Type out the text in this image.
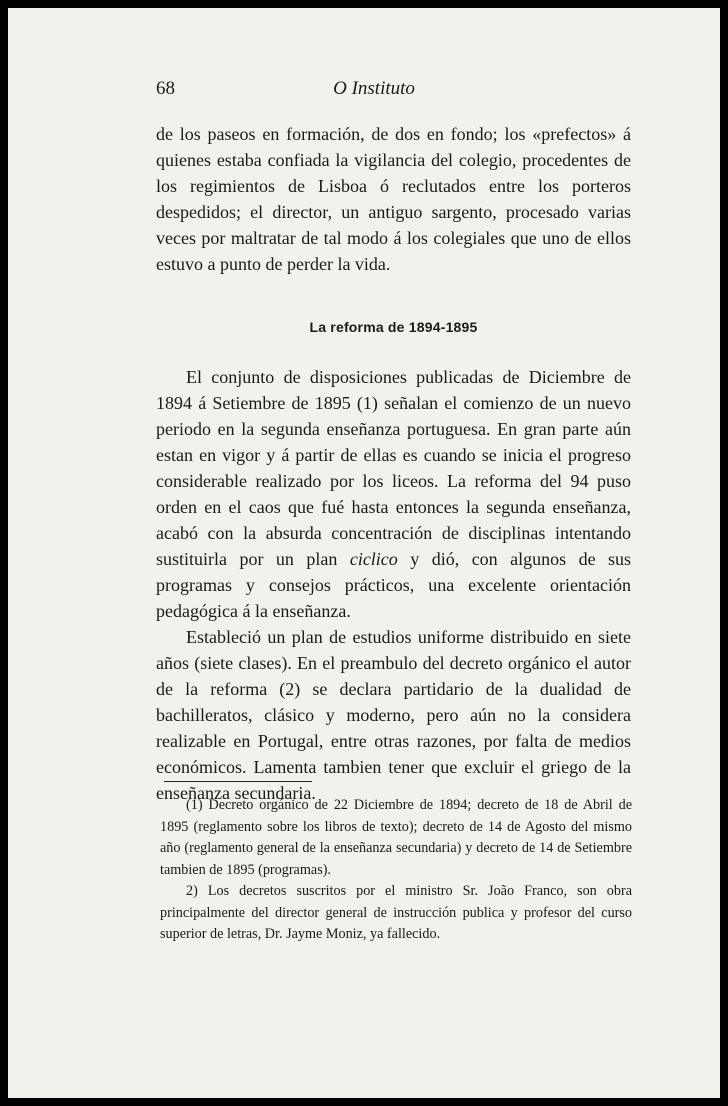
68	O Instituto

de los paseos en formación, de dos en fondo; los «prefectos» á quienes estaba confiada la vigilancia del colegio, procedentes de los regimientos de Lisboa ó reclutados entre los porteros despedidos; el director, un antiguo sargento, procesado varias veces por maltratar de tal modo á los colegiales que uno de ellos estuvo a punto de perder la vida.

La reforma de 1894-1895

El conjunto de disposiciones publicadas de Diciembre de 1894 á Setiembre de 1895 (1) señalan el comienzo de un nuevo periodo en la segunda enseñanza portuguesa. En gran parte aún estan en vigor y á partir de ellas es cuando se inicia el progreso considerable realizado por los liceos. La reforma del 94 puso orden en el caos que fué hasta entonces la segunda enseñanza, acabó con la absurda concentración de disciplinas intentando sustituirla por un plan ciclico y dió, con algunos de sus programas y consejos prácticos, una excelente orientación pedagógica á la enseñanza.

Estableció un plan de estudios uniforme distribuido en siete años (siete clases). En el preambulo del decreto orgánico el autor de la reforma (2) se declara partidario de la dualidad de bachilleratos, clásico y moderno, pero aún no la considera realizable en Portugal, entre otras razones, por falta de medios económicos. Lamenta tambien tener que excluir el griego de la enseñanza secundaria.

(1) Decreto orgánico de 22 Diciembre de 1894; decreto de 18 de Abril de 1895 (reglamento sobre los libros de texto); decreto de 14 de Agosto del mismo año (reglamento general de la enseñanza secundaria) y decreto de 14 de Setiembre tambien de 1895 (programas).

2) Los decretos suscritos por el ministro Sr. João Franco, son obra principalmente del director general de instrucción publica y profesor del curso superior de letras, Dr. Jayme Moniz, ya fallecido.
